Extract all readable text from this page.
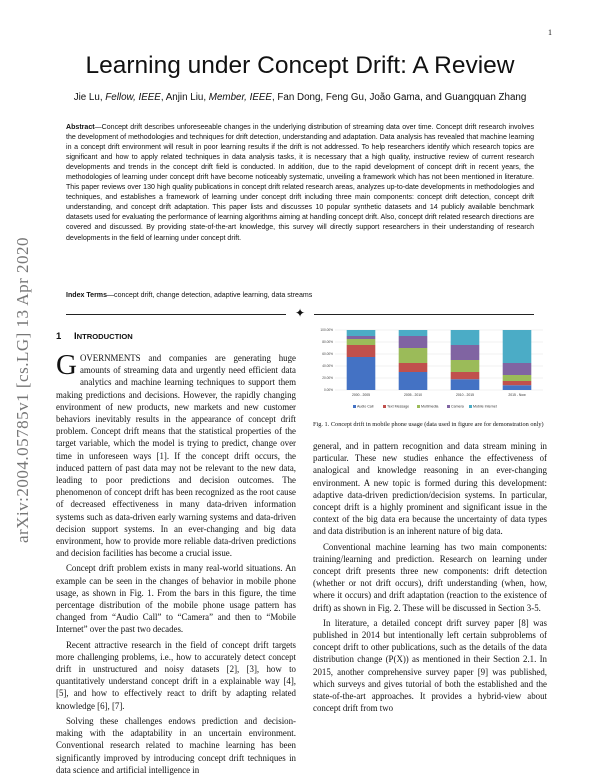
1
arXiv:2004.05785v1 [cs.LG] 13 Apr 2020
Learning under Concept Drift: A Review
Jie Lu, Fellow, IEEE, Anjin Liu, Member, IEEE, Fan Dong, Feng Gu, João Gama, and Guangquan Zhang
Abstract—Concept drift describes unforeseeable changes in the underlying distribution of streaming data over time. Concept drift research involves the development of methodologies and techniques for drift detection, understanding and adaptation. Data analysis has revealed that machine learning in a concept drift environment will result in poor learning results if the drift is not addressed. To help researchers identify which research topics are significant and how to apply related techniques in data analysis tasks, it is necessary that a high quality, instructive review of current research developments and trends in the concept drift field is conducted. In addition, due to the rapid development of concept drift in recent years, the methodologies of learning under concept drift have become noticeably systematic, unveiling a framework which has not been mentioned in literature. This paper reviews over 130 high quality publications in concept drift related research areas, analyzes up-to-date developments in methodologies and techniques, and establishes a framework of learning under concept drift including three main components: concept drift detection, concept drift understanding, and concept drift adaptation. This paper lists and discusses 10 popular synthetic datasets and 14 publicly available benchmark datasets used for evaluating the performance of learning algorithms aiming at handling concept drift. Also, concept drift related research directions are covered and discussed. By providing state-of-the-art knowledge, this survey will directly support researchers in their understanding of research developments in the field of learning under concept drift.
Index Terms—concept drift, change detection, adaptive learning, data streams
✦
1 INTRODUCTION

GOVERNMENTS and companies are generating huge amounts of streaming data and urgently need efficient data analytics and machine learning techniques to support them making predictions and decisions. However, the rapidly changing environment of new products, new markets and new customer behaviors inevitably results in the appearance of concept drift problem. Concept drift means that the statistical properties of the target variable, which the model is trying to predict, change over time in unforeseen ways [1]. If the concept drift occurs, the induced pattern of past data may not be relevant to the new data, leading to poor predictions and decision outcomes. The phenomenon of concept drift has been recognized as the root cause of decreased effectiveness in many data-driven information systems such as data-driven early warning systems and data-driven decision support systems. In an ever-changing and big data environment, how to provide more reliable data-driven predictions and decision facilities has become a crucial issue.

Concept drift problem exists in many real-world situations. An example can be seen in the changes of behavior in mobile phone usage, as shown in Fig. 1. From the bars in this figure, the time percentage distribution of the mobile phone usage pattern has changed from “Audio Call” to “Camera” and then to “Mobile Internet” over the past two decades.

Recent attractive research in the field of concept drift targets more challenging problems, i.e., how to accurately detect concept drift in unstructured and noisy datasets [2], [3], how to quantitatively understand concept drift in a explainable way [4], [5], and how to effectively react to drift by adapting related knowledge [6], [7].

Solving these challenges endows prediction and decision-making with the adaptability in an uncertain environment. Conventional research related to machine learning has been significantly improved by introducing concept drift techniques in data science and artificial intelligence in

0.00%
20.00%
40.00%
60.00%
80.00%
100.00%
2000 - 2005	2005 - 2010	2010 - 2015	2015 - Now
Audio Call	Text Message	Multimedia	Camera	Mobile Internet
Fig. 1. Concept drift in mobile phone usage (data used in figure are for demonstration only)

general, and in pattern recognition and data stream mining in particular. These new studies enhance the effectiveness of analogical and knowledge reasoning in an ever-changing environment. A new topic is formed during this development: adaptive data-driven prediction/decision systems. In particular, concept drift is a highly prominent and significant issue in the context of the big data era because the uncertainty of data types and data distribution is an inherent nature of big data.

Conventional machine learning has two main components: training/learning and prediction. Research on learning under concept drift presents three new components: drift detection (whether or not drift occurs), drift understanding (when, how, where it occurs) and drift adaptation (reaction to the existence of drift) as shown in Fig. 2. These will be discussed in Section 3-5.

In literature, a detailed concept drift survey paper [8] was published in 2014 but intentionally left certain subproblems of concept drift to other publications, such as the details of the data distribution change (P(X)) as mentioned in their Section 2.1. In 2015, another comprehensive survey paper [9] was published, which surveys and gives tutorial of both the established and the state-of-the-art approaches. It provides a hybrid-view about concept drift from two
